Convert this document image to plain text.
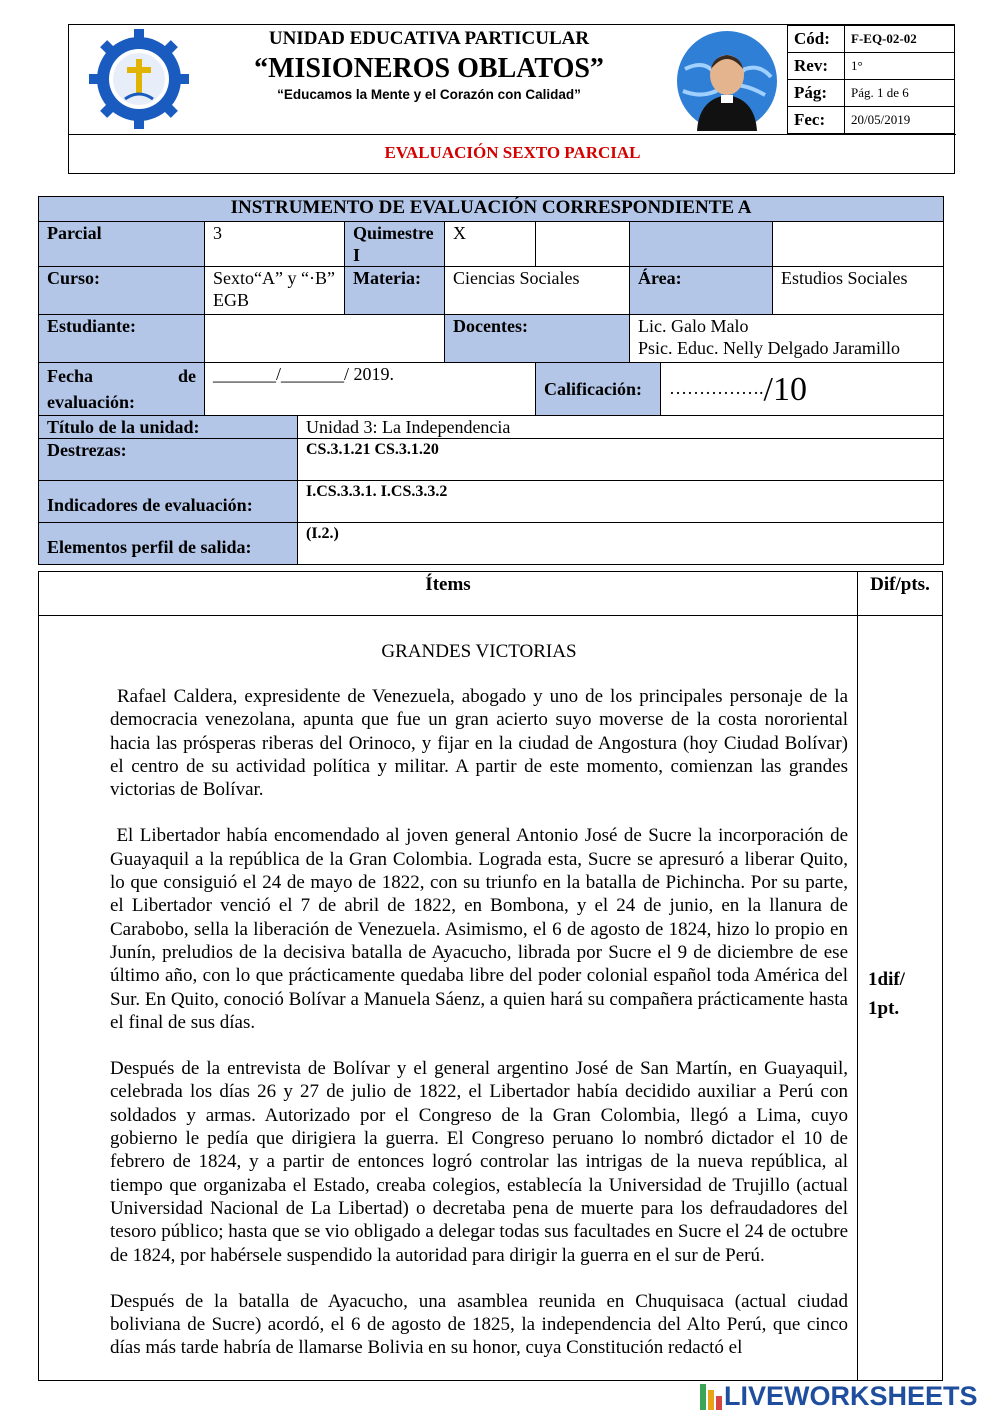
UNIDAD EDUCATIVA PARTICULAR
“MISIONEROS OBLATOS”
“Educamos la Mente y el Corazón con Calidad”
Cód:	F-EQ-02-02
Rev:	1°
Pág:	Pág. 1 de 6
Fec:	20/05/2019
EVALUACIÓN SEXTO PARCIAL
INSTRUMENTO DE EVALUACIÓN CORRESPONDIENTE A								
Parcial	3		Quimestre I	X				
Curso:	Sexto“A” y “·B” EGB		Materia:	Ciencias Sociales		Área:		Estudios Sociales
Estudiante:				Docentes:		Lic. Galo Malo
Psic. Educ. Nelly Delgado Jaramillo		

Fecha de
evaluación:	_______/_______/ 2019.				Calificación:		……………./10	
Título de la unidad:		Unidad 3: La Independencia						
Destrezas:		CS.3.1.21 CS.3.1.20						
Indicadores de evaluación:		I.CS.3.3.1. I.CS.3.3.2						
Elementos perfil de salida:		(I.2.)						
Ítems	Dif/pts.
1dif/
1pt.
GRANDES VICTORIAS

Rafael Caldera, expresidente de Venezuela, abogado y uno de los principales personaje de la democracia venezolana, apunta que fue un gran acierto suyo moverse de la costa nororiental hacia las prósperas riberas del Orinoco, y fijar en la ciudad de Angostura (hoy Ciudad Bolívar) el centro de su actividad política y militar. A partir de este momento, comienzan las grandes victorias de Bolívar.

El Libertador había encomendado al joven general Antonio José de Sucre la incorporación de Guayaquil a la república de la Gran Colombia. Lograda esta, Sucre se apresuró a liberar Quito, lo que consiguió el 24 de mayo de 1822, con su triunfo en la batalla de Pichincha. Por su parte, el Libertador venció el 7 de abril de 1822, en Bombona, y el 24 de junio, en la llanura de Carabobo, sella la liberación de Venezuela. Asimismo, el 6 de agosto de 1824, hizo lo propio en Junín, preludios de la decisiva batalla de Ayacucho, librada por Sucre el 9 de diciembre de ese último año, con lo que prácticamente quedaba libre del poder colonial español toda América del Sur. En Quito, conoció Bolívar a Manuela Sáenz, a quien hará su compañera prácticamente hasta el final de sus días.

Después de la entrevista de Bolívar y el general argentino José de San Martín, en Guayaquil, celebrada los días 26 y 27 de julio de 1822, el Libertador había decidido auxiliar a Perú con soldados y armas. Autorizado por el Congreso de la Gran Colombia, llegó a Lima, cuyo gobierno le pedía que dirigiera la guerra. El Congreso peruano lo nombró dictador el 10 de febrero de 1824, y a partir de entonces logró controlar las intrigas de la nueva república, al tiempo que organizaba el Estado, creaba colegios, establecía la Universidad de Trujillo (actual Universidad Nacional de La Libertad) o decretaba pena de muerte para los defraudadores del tesoro público; hasta que se vio obligado a delegar todas sus facultades en Sucre el 24 de octubre de 1824, por habérsele suspendido la autoridad para dirigir la guerra en el sur de Perú.

Después de la batalla de Ayacucho, una asamblea reunida en Chuquisaca (actual ciudad boliviana de Sucre) acordó, el 6 de agosto de 1825, la independencia del Alto Perú, que cinco días más tarde habría de llamarse Bolivia en su honor, cuya Constitución redactó el

LIVEWORKSHEETS
